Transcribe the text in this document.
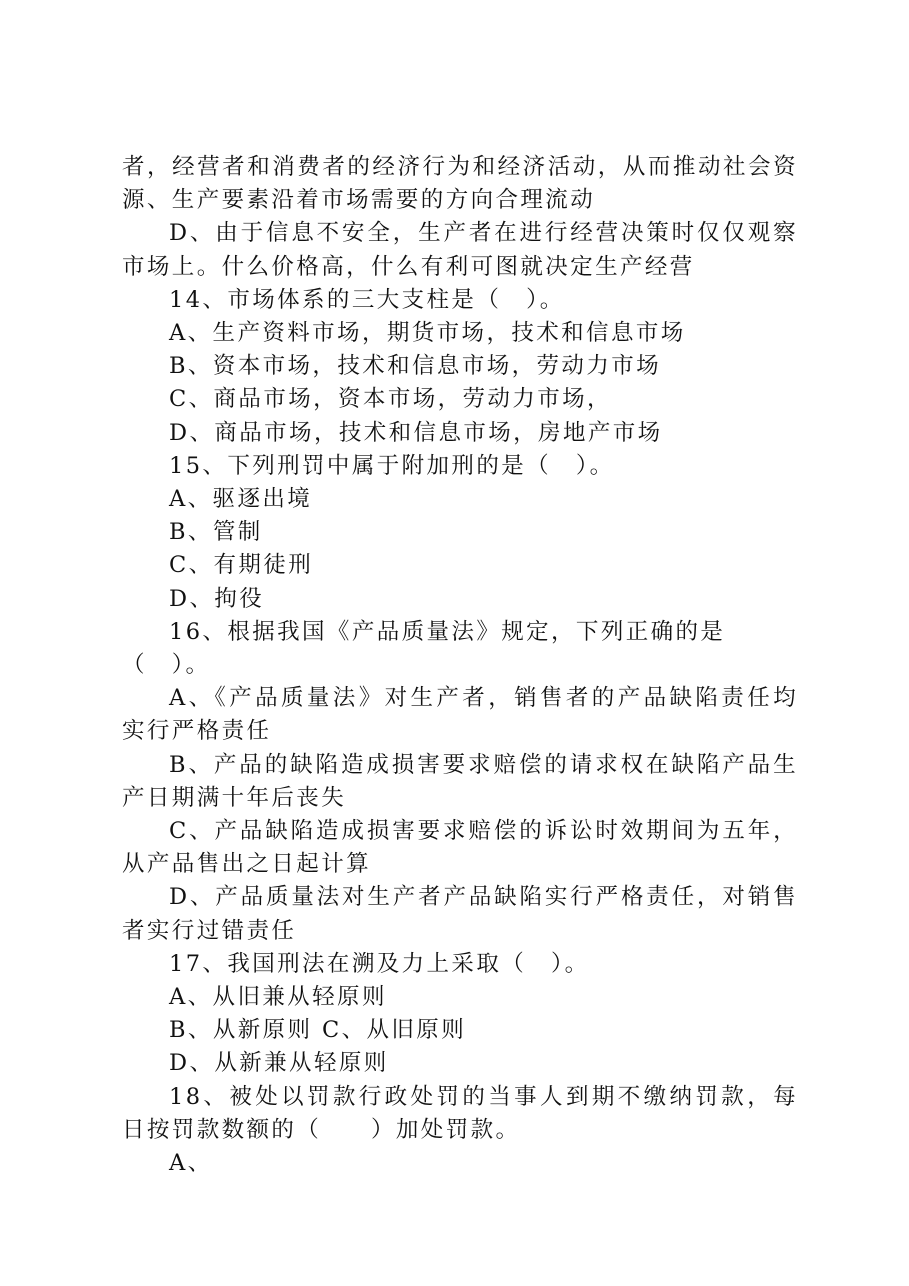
者，经营者和消费者的经济行为和经济活动，从而推动社会资源、生产要素沿着市场需要的方向合理流动

D、由于信息不安全，生产者在进行经营决策时仅仅观察市场上。什么价格高，什么有利可图就决定生产经营

14、市场体系的三大支柱是（　）。

A、生产资料市场，期货市场，技术和信息市场

B、资本市场，技术和信息市场，劳动力市场

C、商品市场，资本市场，劳动力市场，

D、商品市场，技术和信息市场，房地产市场

15、下列刑罚中属于附加刑的是（　）。

A、驱逐出境

B、管制

C、有期徒刑

D、拘役

16、根据我国《产品质量法》规定，下列正确的是（　）。

A、《产品质量法》对生产者，销售者的产品缺陷责任均实行严格责任

B、产品的缺陷造成损害要求赔偿的请求权在缺陷产品生产日期满十年后丧失

C、产品缺陷造成损害要求赔偿的诉讼时效期间为五年，从产品售出之日起计算

D、产品质量法对生产者产品缺陷实行严格责任，对销售者实行过错责任

17、我国刑法在溯及力上采取（　）。

A、从旧兼从轻原则

B、从新原则 C、从旧原则

D、从新兼从轻原则

18、被处以罚款行政处罚的当事人到期不缴纳罚款，每日按罚款数额的（　　）加处罚款。

A、
